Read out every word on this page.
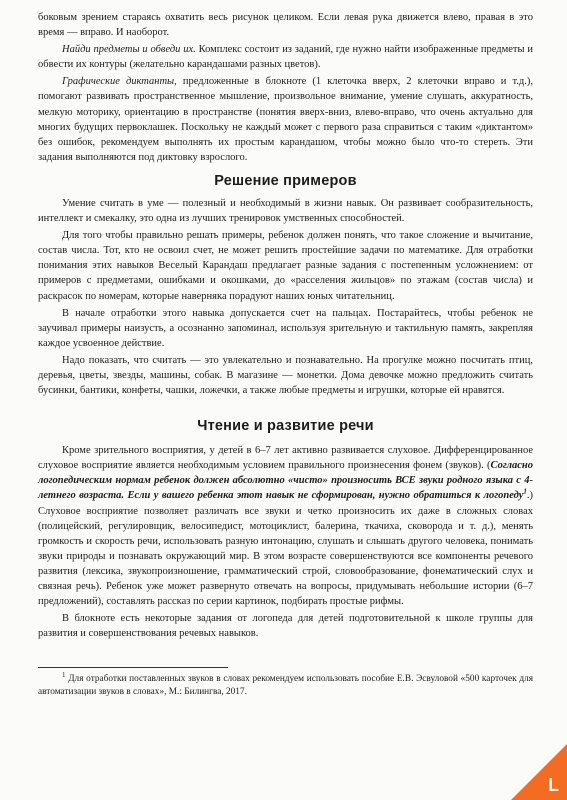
боковым зрением стараясь охватить весь рисунок целиком. Если левая рука движется влево, правая в это время — вправо. И наоборот.

Найди предметы и обведи их. Комплекс состоит из заданий, где нужно найти изображенные предметы и обвести их контуры (желательно карандашами разных цветов).

Графические диктанты, предложенные в блокноте (1 клеточка вверх, 2 клеточки вправо и т.д.), помогают развивать пространственное мышление, произвольное внимание, умение слушать, аккуратность, мелкую моторику, ориентацию в пространстве (понятия вверх-вниз, влево-вправо, что очень актуально для многих будущих первоклашек. Поскольку не каждый может с первого раза справиться с таким «диктантом» без ошибок, рекомендуем выполнять их простым карандашом, чтобы можно было что-то стереть. Эти задания выполняются под диктовку взрослого.

Решение примеров

Умение считать в уме — полезный и необходимый в жизни навык. Он развивает сообразительность, интеллект и смекалку, это одна из лучших тренировок умственных способностей.

Для того чтобы правильно решать примеры, ребенок должен понять, что такое сложение и вычитание, состав числа. Тот, кто не освоил счет, не может решить простейшие задачи по математике. Для отработки понимания этих навыков Веселый Карандаш предлагает разные задания с постепенным усложнением: от примеров с предметами, ошибками и окошками, до «расселения жильцов» по этажам (состав числа) и раскрасок по номерам, которые наверняка порадуют наших юных читательниц.

В начале отработки этого навыка допускается счет на пальцах. Постарайтесь, чтобы ребенок не заучивал примеры наизусть, а осознанно запоминал, используя зрительную и тактильную память, закрепляя каждое усвоенное действие.

Надо показать, что считать — это увлекательно и познавательно. На прогулке можно посчитать птиц, деревья, цветы, звезды, машины, собак. В магазине — монетки. Дома девочке можно предложить считать бусинки, бантики, конфеты, чашки, ложечки, а также любые предметы и игрушки, которые ей нравятся.

Чтение и развитие речи

Кроме зрительного восприятия, у детей в 6–7 лет активно развивается слуховое. Дифференцированное слуховое восприятие является необходимым условием правильного произнесения фонем (звуков). (Согласно логопедическим нормам ребенок должен абсолютно «чисто» произносить ВСЕ звуки родного языка с 4-летнего возраста. Если у вашего ребенка этот навык не сформирован, нужно обратиться к логопеду$^1$.) Слуховое восприятие позволяет различать все звуки и четко произносить их даже в сложных словах (полицейский, регулировщик, велосипедист, мотоциклист, балерина, ткачиха, сковорода и т. д.), менять громкость и скорость речи, использовать разную интонацию, слушать и слышать другого человека, понимать звуки природы и познавать окружающий мир. В этом возрасте совершенствуются все компоненты речевого развития (лексика, звукопроизношение, грамматический строй, словообразование, фонематический слух и связная речь). Ребенок уже может развернуто отвечать на вопросы, придумывать небольшие истории (6–7 предложений), составлять рассказ по серии картинок, подбирать простые рифмы.

В блокноте есть некоторые задания от логопеда для детей подготовительной к школе группы для развития и совершенствования речевых навыков.

$^1$ Для отработки поставленных звуков в словах рекомендуем использовать пособие Е.В. Эсвуловой «500 карточек для автоматизации звуков в словах», М.: Билингва, 2017.

L
